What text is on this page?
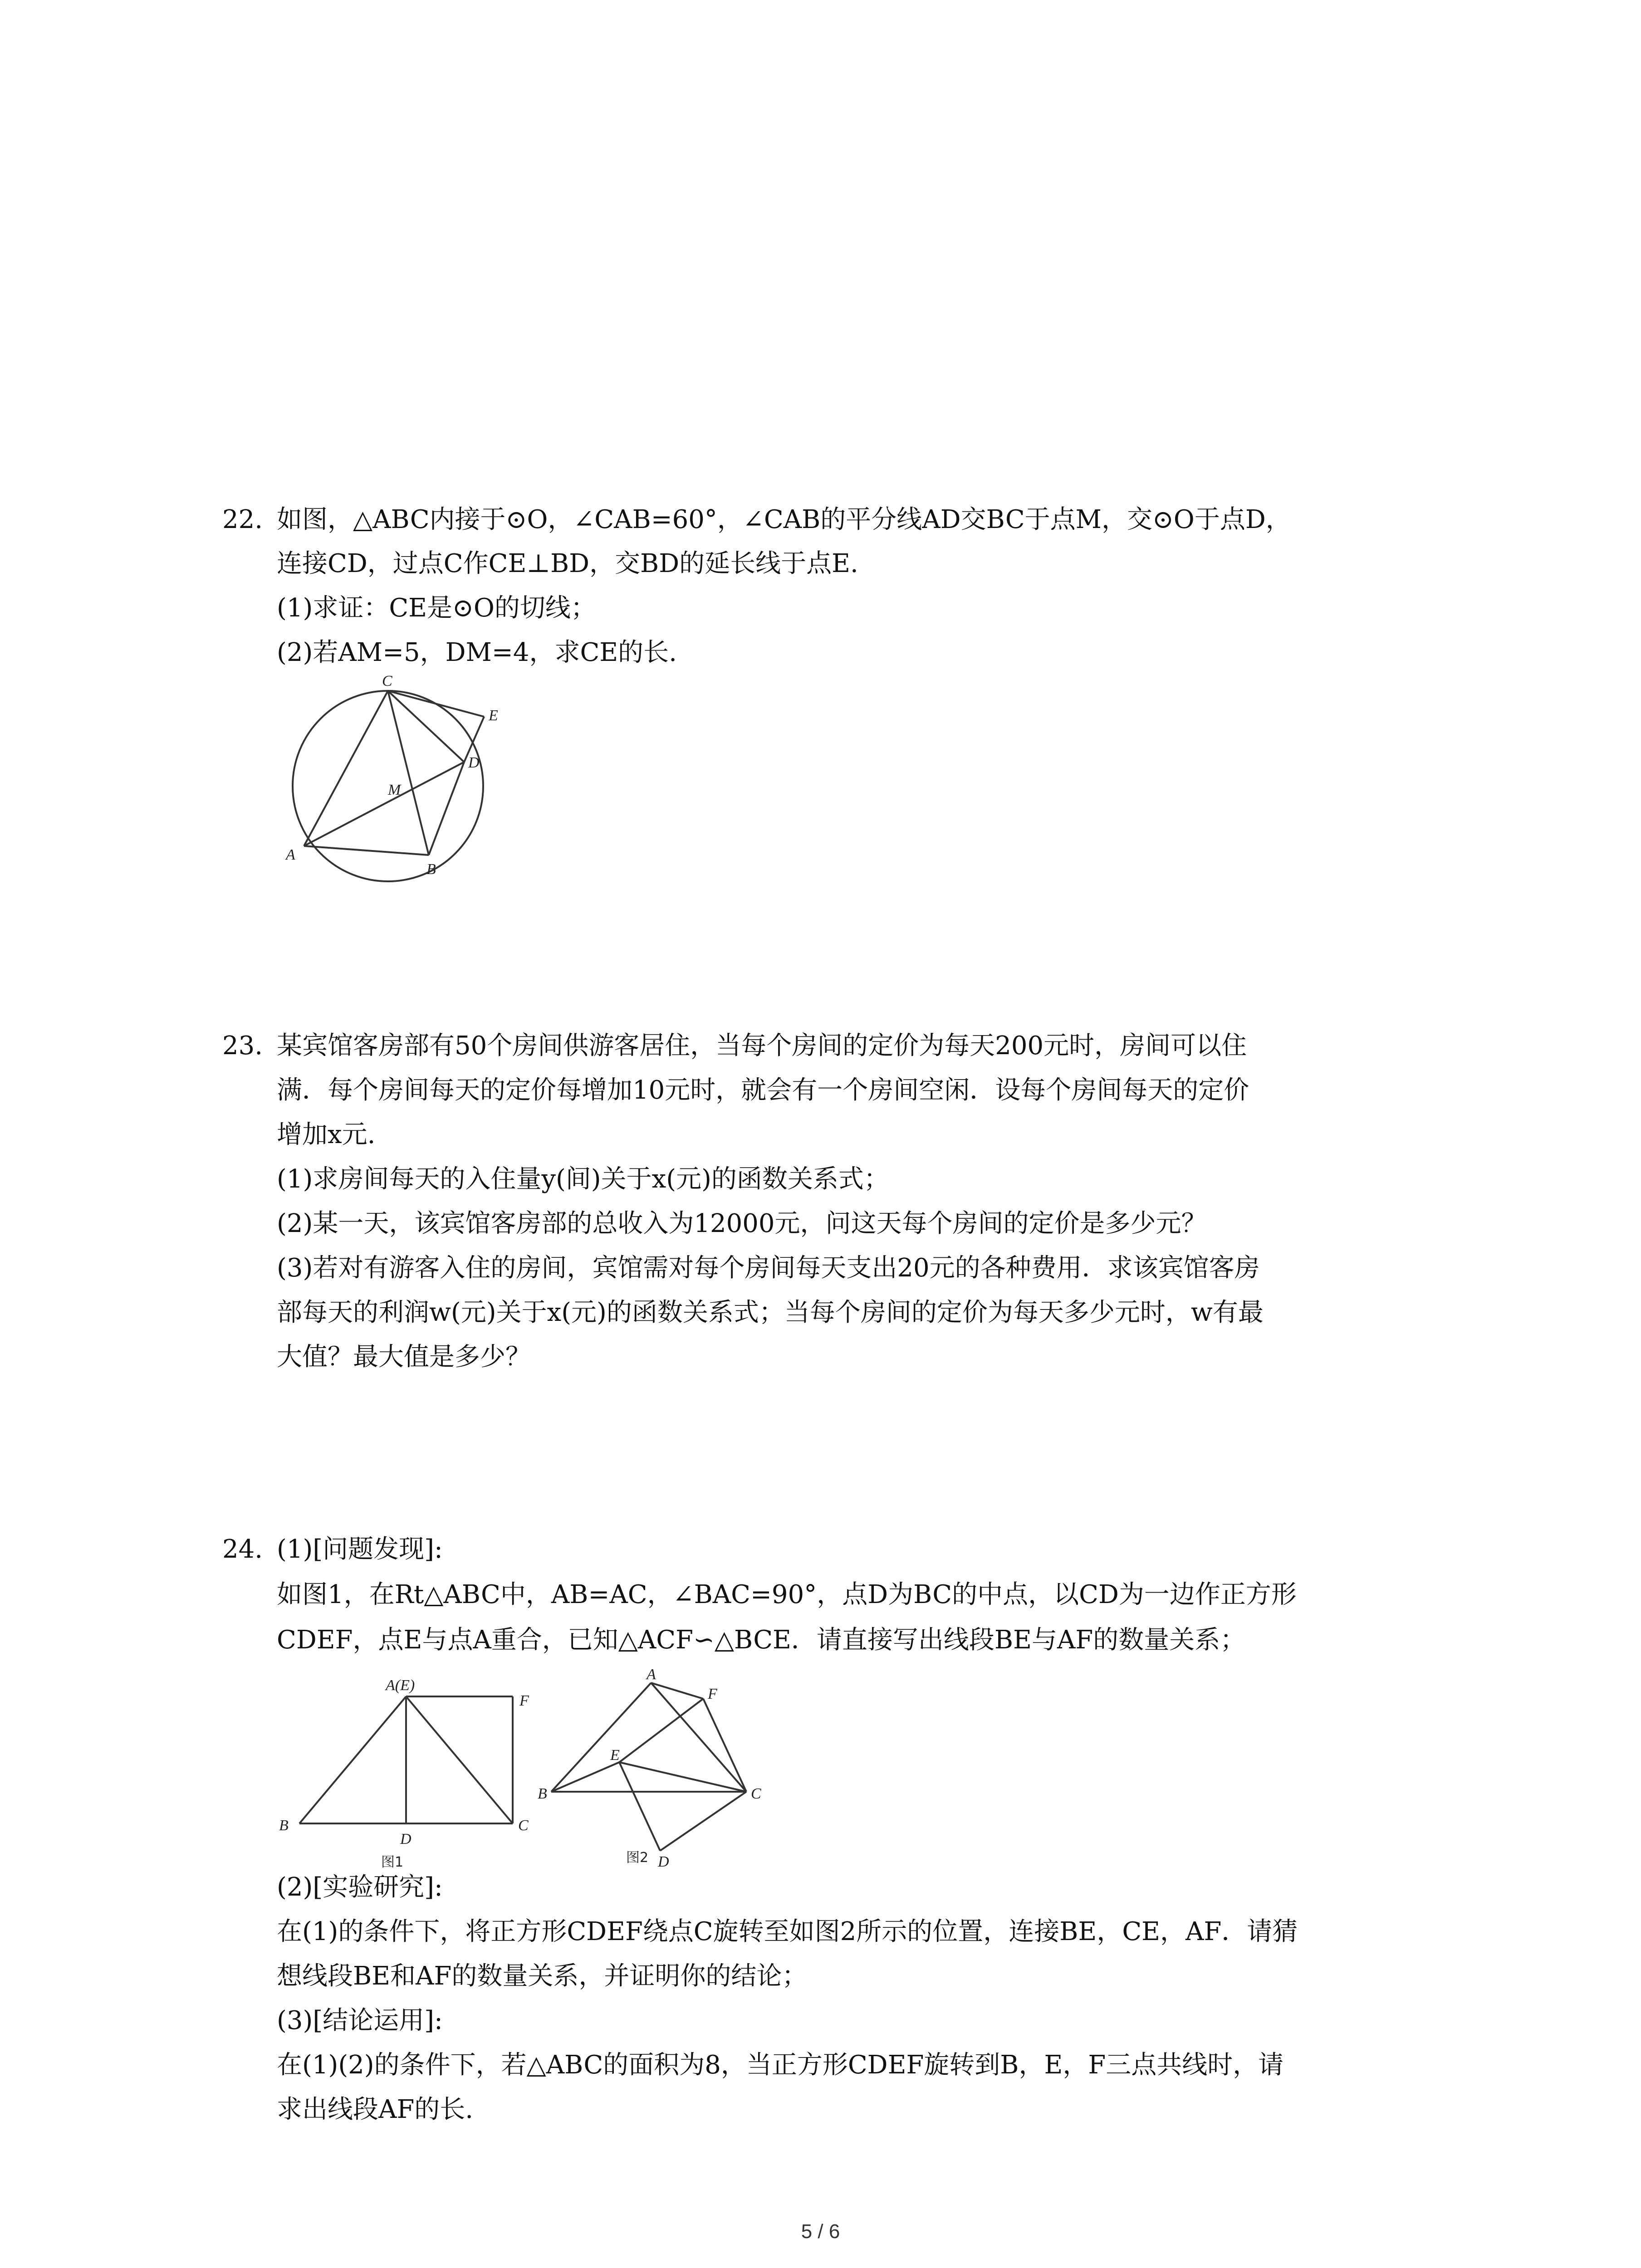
22. 如图，△ABC内接于⊙O，∠CAB=60°，∠CAB的平分线AD交BC于点M，交⊙O于点D，
连接CD，过点C作CE⊥BD，交BD的延长线于点E.
(1)求证：CE是⊙O的切线；
(2)若AM=5，DM=4，求CE的长.
C
E
D
M
A
B
23. 某宾馆客房部有50个房间供游客居住，当每个房间的定价为每天200元时，房间可以住
满．每个房间每天的定价每增加10元时，就会有一个房间空闲．设每个房间每天的定价
增加x元.
(1)求房间每天的入住量y(间)关于x(元)的函数关系式；
(2)某一天，该宾馆客房部的总收入为12000元，问这天每个房间的定价是多少元？
(3)若对有游客入住的房间，宾馆需对每个房间每天支出20元的各种费用．求该宾馆客房
部每天的利润w(元)关于x(元)的函数关系式；当每个房间的定价为每天多少元时，w有最
大值？最大值是多少？
24. (1)[问题发现]:
如图1，在Rt△ABC中，AB=AC，∠BAC=90°，点D为BC的中点，以CD为一边作正方形
CDEF，点E与点A重合，已知△ACF∽△BCE．请直接写出线段BE与AF的数量关系；
A(E)
F
B
D
C
图1
A
F
E
B	C
D
图2
(2)[实验研究]:
在(1)的条件下，将正方形CDEF绕点C旋转至如图2所示的位置，连接BE，CE，AF．请猜
想线段BE和AF的数量关系，并证明你的结论；
(3)[结论运用]:
在(1)(2)的条件下，若△ABC的面积为8，当正方形CDEF旋转到B，E，F三点共线时，请
求出线段AF的长.
5 / 6
